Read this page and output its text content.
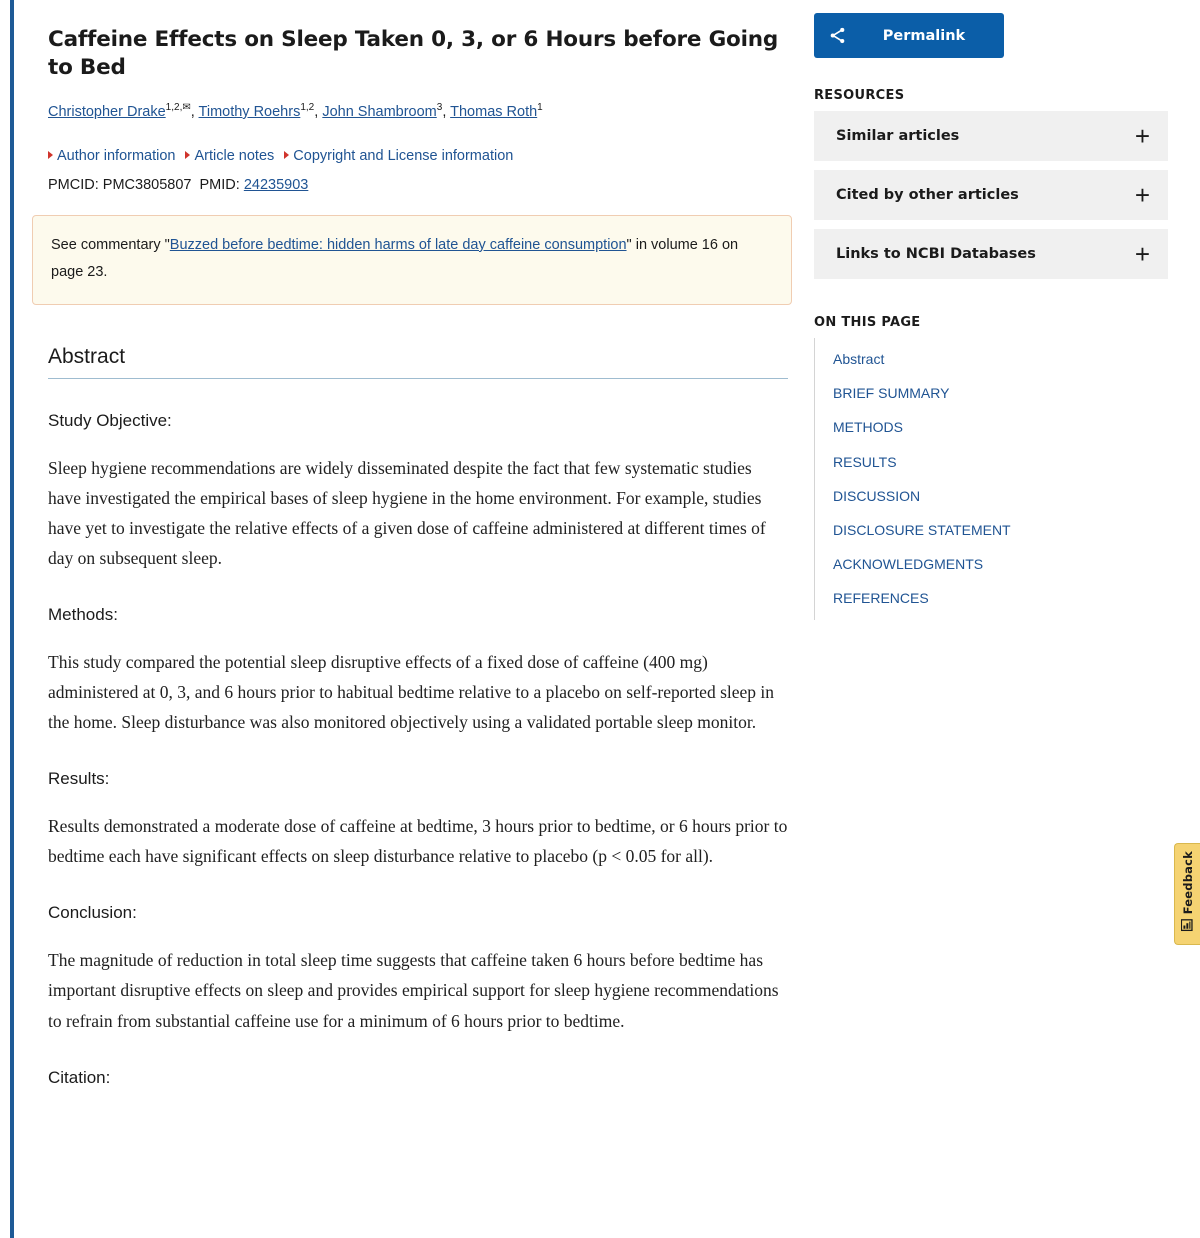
Caffeine Effects on Sleep Taken 0, 3, or 6 Hours before Going to Bed
Christopher Drake$^{1,2,✉}$, Timothy Roehrs$^{1,2}$, John Shambroom$^3$, Thomas Roth$^1$
Author information Article notes Copyright and License information
PMCID: PMC3805807 PMID: 24235903
See commentary "Buzzed before bedtime: hidden harms of late day caffeine consumption" in volume 16 on page 23.
Abstract
Study Objective:
Sleep hygiene recommendations are widely disseminated despite the fact that few systematic studies have investigated the empirical bases of sleep hygiene in the home environment. For example, studies have yet to investigate the relative effects of a given dose of caffeine administered at different times of day on subsequent sleep.
Methods:
This study compared the potential sleep disruptive effects of a fixed dose of caffeine (400 mg) administered at 0, 3, and 6 hours prior to habitual bedtime relative to a placebo on self-reported sleep in the home. Sleep disturbance was also monitored objectively using a validated portable sleep monitor.
Results:
Results demonstrated a moderate dose of caffeine at bedtime, 3 hours prior to bedtime, or 6 hours prior to bedtime each have significant effects on sleep disturbance relative to placebo (p < 0.05 for all).
Conclusion:
The magnitude of reduction in total sleep time suggests that caffeine taken 6 hours before bedtime has important disruptive effects on sleep and provides empirical support for sleep hygiene recommendations to refrain from substantial caffeine use for a minimum of 6 hours prior to bedtime.
Citation:
Permalink
RESOURCES
Similar articles	+
Cited by other articles	+
Links to NCBI Databases	+
ON THIS PAGE
Abstract
BRIEF SUMMARY
METHODS
RESULTS
DISCUSSION
DISCLOSURE STATEMENT
ACKNOWLEDGMENTS
REFERENCES
Feedback
